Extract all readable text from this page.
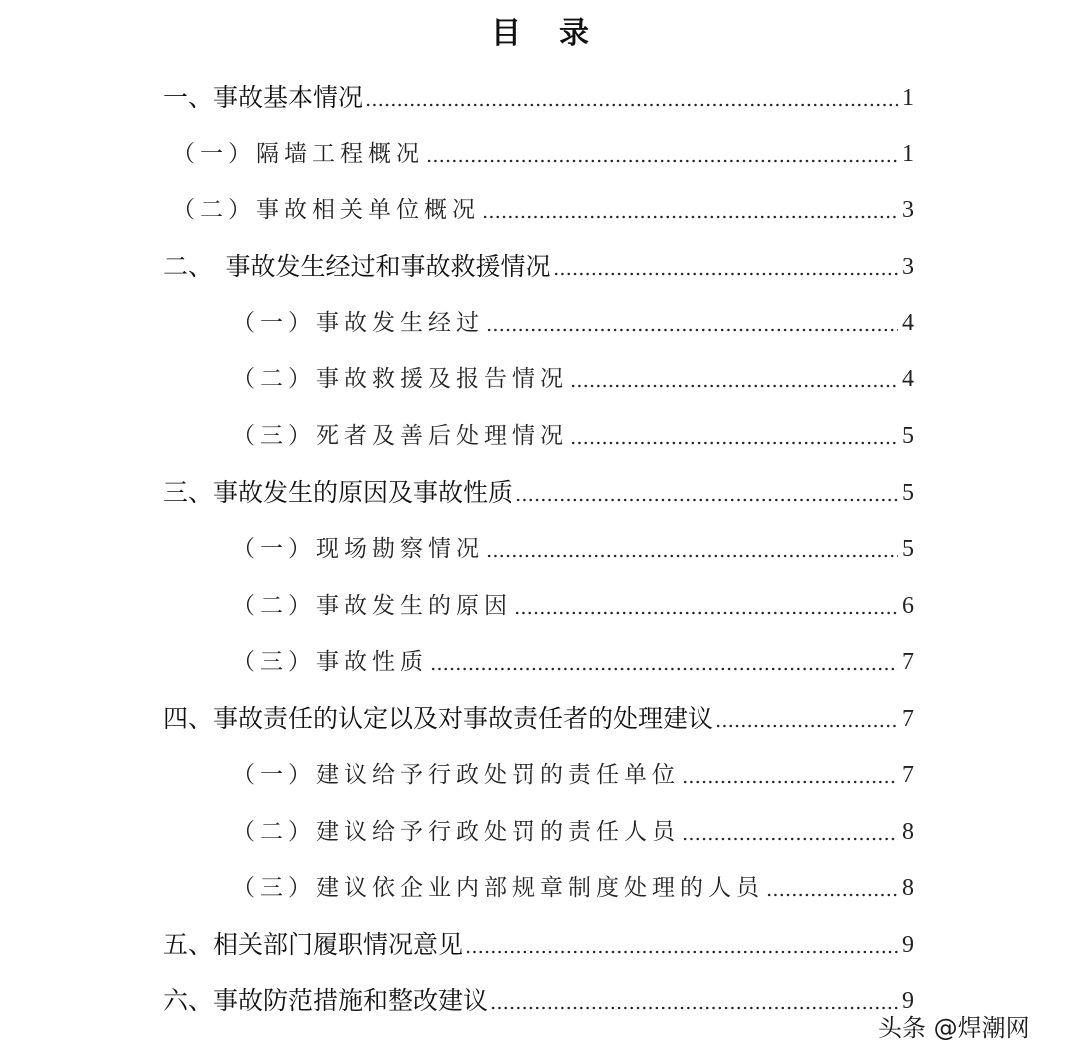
目 录
一、事故基本情况	1
（一）隔墙工程概况	1
（二）事故相关单位概况	3
二、　事故发生经过和事故救援情况	3
（一）事故发生经过	4
（二）事故救援及报告情况	4
（三）死者及善后处理情况	5
三、事故发生的原因及事故性质	5
（一）现场勘察情况	5
（二）事故发生的原因	6
（三）事故性质	7
四、事故责任的认定以及对事故责任者的处理建议	7
（一）建议给予行政处罚的责任单位	7
（二）建议给予行政处罚的责任人员	8
（三）建议依企业内部规章制度处理的人员	8
五、相关部门履职情况意见	9
六、事故防范措施和整改建议	9
头条 @焊潮网
